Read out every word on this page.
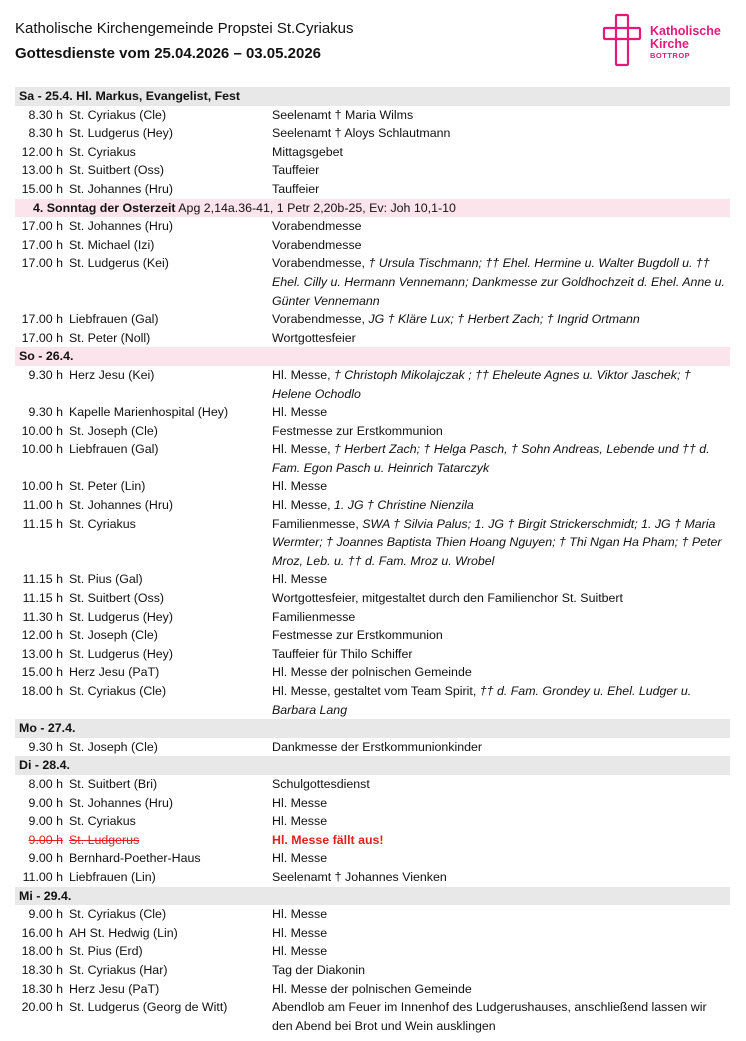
Katholische Kirchengemeinde Propstei St.Cyriakus
Gottesdienste vom 25.04.2026 – 03.05.2026
Katholische
Kirche
BOTTROP
Sa - 25.4. Hl. Markus, Evangelist, Fest
8.30 h St. Cyriakus (Cle)	Seelenamt † Maria Wilms
8.30 h St. Ludgerus (Hey)	Seelenamt † Aloys Schlautmann
12.00 h St. Cyriakus	Mittagsgebet
13.00 h St. Suitbert (Oss)	Tauffeier
15.00 h St. Johannes (Hru)	Tauffeier
4. Sonntag der Osterzeit Apg 2,14a.36-41, 1 Petr 2,20b-25, Ev: Joh 10,1-10
17.00 h St. Johannes (Hru)	Vorabendmesse
17.00 h St. Michael (Izi)	Vorabendmesse
17.00 h St. Ludgerus (Kei)	Vorabendmesse, † Ursula Tischmann; †† Ehel. Hermine u. Walter Bugdoll u. †† Ehel. Cilly u. Hermann Vennemann; Dankmesse zur Goldhochzeit d. Ehel. Anne u. Günter Vennemann
17.00 h Liebfrauen (Gal)	Vorabendmesse, JG † Kläre Lux; † Herbert Zach; † Ingrid Ortmann
17.00 h St. Peter (Noll)	Wortgottesfeier
So - 26.4.
9.30 h Herz Jesu (Kei)	Hl. Messe, † Christoph Mikolajczak ; †† Eheleute Agnes u. Viktor Jaschek; † Helene Ochodlo
9.30 h Kapelle Marienhospital (Hey)	Hl. Messe
10.00 h St. Joseph (Cle)	Festmesse zur Erstkommunion
10.00 h Liebfrauen (Gal)	Hl. Messe, † Herbert Zach; † Helga Pasch, † Sohn Andreas, Lebende und †† d. Fam. Egon Pasch u. Heinrich Tatarczyk
10.00 h St. Peter (Lin)	Hl. Messe
11.00 h St. Johannes (Hru)	Hl. Messe, 1. JG † Christine Nienzila
11.15 h St. Cyriakus	Familienmesse, SWA † Silvia Palus; 1. JG † Birgit Strickerschmidt; 1. JG † Maria Wermter; † Joannes Baptista Thien Hoang Nguyen; † Thi Ngan Ha Pham; † Peter Mroz, Leb. u. †† d. Fam. Mroz u. Wrobel
11.15 h St. Pius (Gal)	Hl. Messe
11.15 h St. Suitbert (Oss)	Wortgottesfeier, mitgestaltet durch den Familienchor St. Suitbert
11.30 h St. Ludgerus (Hey)	Familienmesse
12.00 h St. Joseph (Cle)	Festmesse zur Erstkommunion
13.00 h St. Ludgerus (Hey)	Tauffeier für Thilo Schiffer
15.00 h Herz Jesu (PaT)	Hl. Messe der polnischen Gemeinde
18.00 h St. Cyriakus (Cle)	Hl. Messe, gestaltet vom Team Spirit, †† d. Fam. Grondey u. Ehel. Ludger u. Barbara Lang
Mo - 27.4.
9.30 h St. Joseph (Cle)	Dankmesse der Erstkommunionkinder
Di - 28.4.
8.00 h St. Suitbert (Bri)	Schulgottesdienst
9.00 h St. Johannes (Hru)	Hl. Messe
9.00 h St. Cyriakus	Hl. Messe
9.00 h St. Ludgerus	Hl. Messe fällt aus!
9.00 h Bernhard-Poether-Haus	Hl. Messe
11.00 h Liebfrauen (Lin)	Seelenamt † Johannes Vienken
Mi - 29.4.
9.00 h St. Cyriakus (Cle)	Hl. Messe
16.00 h AH St. Hedwig (Lin)	Hl. Messe
18.00 h St. Pius (Erd)	Hl. Messe
18.30 h St. Cyriakus (Har)	Tag der Diakonin
18.30 h Herz Jesu (PaT)	Hl. Messe der polnischen Gemeinde
20.00 h St. Ludgerus (Georg de Witt)	Abendlob am Feuer im Innenhof des Ludgerushauses, anschließend lassen wir den Abend bei Brot und Wein ausklingen
